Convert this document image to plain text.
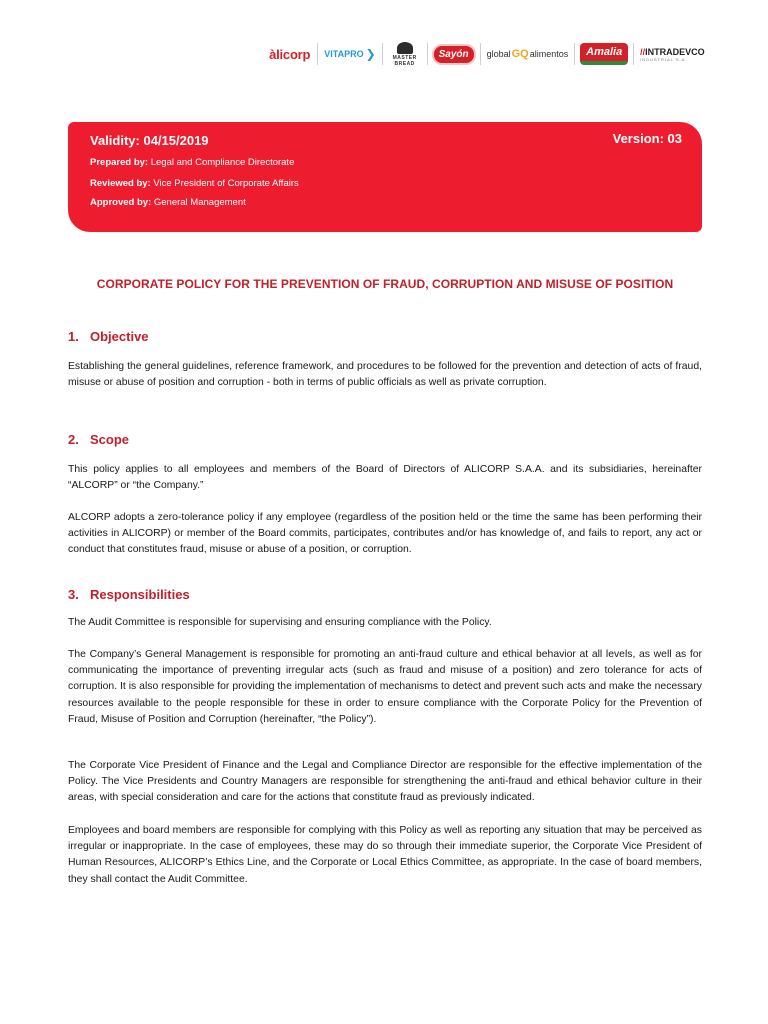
àlicorp VITAPRO ❯	MASTER BREAD
Sayón	global GQ alimentos	Amalia	//INTRADEVCO
INDUSTRIAL S.A.
Validity: 04/15/2019	Version: 03
Prepared by: Legal and Compliance Directorate
Reviewed by: Vice President of Corporate Affairs
Approved by: General Management
CORPORATE POLICY FOR THE PREVENTION OF FRAUD, CORRUPTION AND MISUSE OF POSITION
1. Objective
Establishing the general guidelines, reference framework, and procedures to be followed for the prevention and detection of acts of fraud, misuse or abuse of position and corruption - both in terms of public officials as well as private corruption.
2. Scope
This policy applies to all employees and members of the Board of Directors of ALICORP S.A.A. and its subsidiaries, hereinafter “ALCORP” or “the Company.”
ALCORP adopts a zero-tolerance policy if any employee (regardless of the position held or the time the same has been performing their activities in ALICORP) or member of the Board commits, participates, contributes and/or has knowledge of, and fails to report, any act or conduct that constitutes fraud, misuse or abuse of a position, or corruption.
3. Responsibilities
The Audit Committee is responsible for supervising and ensuring compliance with the Policy.
The Company’s General Management is responsible for promoting an anti-fraud culture and ethical behavior at all levels, as well as for communicating the importance of preventing irregular acts (such as fraud and misuse of a position) and zero tolerance for acts of corruption. It is also responsible for providing the implementation of mechanisms to detect and prevent such acts and make the necessary resources available to the people responsible for these in order to ensure compliance with the Corporate Policy for the Prevention of Fraud, Misuse of Position and Corruption (hereinafter, “the Policy”).
The Corporate Vice President of Finance and the Legal and Compliance Director are responsible for the effective implementation of the Policy. The Vice Presidents and Country Managers are responsible for strengthening the anti-fraud and ethical behavior culture in their areas, with special consideration and care for the actions that constitute fraud as previously indicated.
Employees and board members are responsible for complying with this Policy as well as reporting any situation that may be perceived as irregular or inappropriate. In the case of employees, these may do so through their immediate superior, the Corporate Vice President of Human Resources, ALICORP’s Ethics Line, and the Corporate or Local Ethics Committee, as appropriate. In the case of board members, they shall contact the Audit Committee.
